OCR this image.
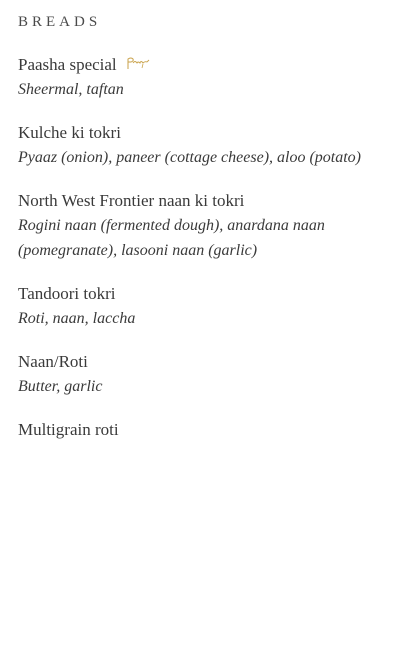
BREADS
Paasha special
Sheermal, taftan
Kulche ki tokri
Pyaaz (onion), paneer (cottage cheese), aloo (potato)
North West Frontier naan ki tokri
Rogini naan (fermented dough), anardana naan (pomegranate), lasooni naan (garlic)
Tandoori tokri
Roti, naan, laccha
Naan/Roti
Butter, garlic
Multigrain roti
